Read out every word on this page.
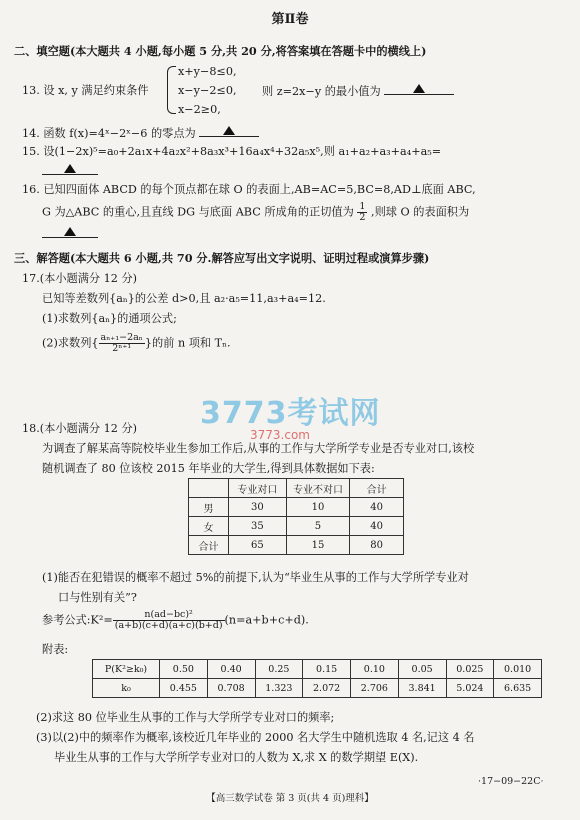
第Ⅱ卷
二、填空题(本大题共 4 小题,每小题 5 分,共 20 分,将答案填在答题卡中的横线上)
13. 设 x, y 满足约束条件
x+y−8≤0,
x−y−2≤0,
x−2≥0,
则 z=2x−y 的最小值为
14. 函数 f(x)=4ˣ−2ˣ−6 的零点为
15. 设(1−2x)⁵=a₀+2a₁x+4a₂x²+8a₃x³+16a₄x⁴+32a₅x⁵,则 a₁+a₂+a₃+a₄+a₅=
16. 已知四面体 ABCD 的每个顶点都在球 O 的表面上,AB=AC=5,BC=8,AD⊥底面 ABC,
G 为△ABC 的重心,且直线 DG 与底面 ABC 所成角的正切值为 $\frac{1}{2}$ ,则球 O 的表面积为
三、解答题(本大题共 6 小题,共 70 分.解答应写出文字说明、证明过程或演算步骤)
17.(本小题满分 12 分)
已知等差数列{aₙ}的公差 d>0,且 a₂·a₅=11,a₃+a₄=12.
(1)求数列{aₙ}的通项公式;
(2)求数列{ $\frac{\text{aₙ₊₁−2aₙ}}{\text{2ⁿ⁺¹}}$ }的前 n 项和 Tₙ.
3773考试网
3773.com
18.(本小题满分 12 分)
为调查了解某高等院校毕业生参加工作后,从事的工作与大学所学专业是否专业对口,该校
随机调查了 80 位该校 2015 年毕业的大学生,得到具体数据如下表:
	专业对口	专业不对口	合计
男	30	10	40
女	35	5	40
合计	65	15	80
(1)能否在犯错误的概率不超过 5%的前提下,认为“毕业生从事的工作与大学所学专业对
口与性别有关”?
参考公式:K²= $\frac{\text{n(ad−bc)²}}{(a+b)(c+d)(a+c)(b+d)} (n=a+b+c+d)$.
附表:
P(K²≥k₀)	0.50	0.40	0.25	0.15	0.10	0.05	0.025	0.010
k₀	0.455	0.708	1.323	2.072	2.706	3.841	5.024	6.635
(2)求这 80 位毕业生从事的工作与大学所学专业对口的频率;
(3)以(2)中的频率作为概率,该校近几年毕业的 2000 名大学生中随机选取 4 名,记这 4 名
毕业生从事的工作与大学所学专业对口的人数为 X,求 X 的数学期望 E(X).
·17−09−22C·
【高三数学试卷 第 3 页(共 4 页)理科】
